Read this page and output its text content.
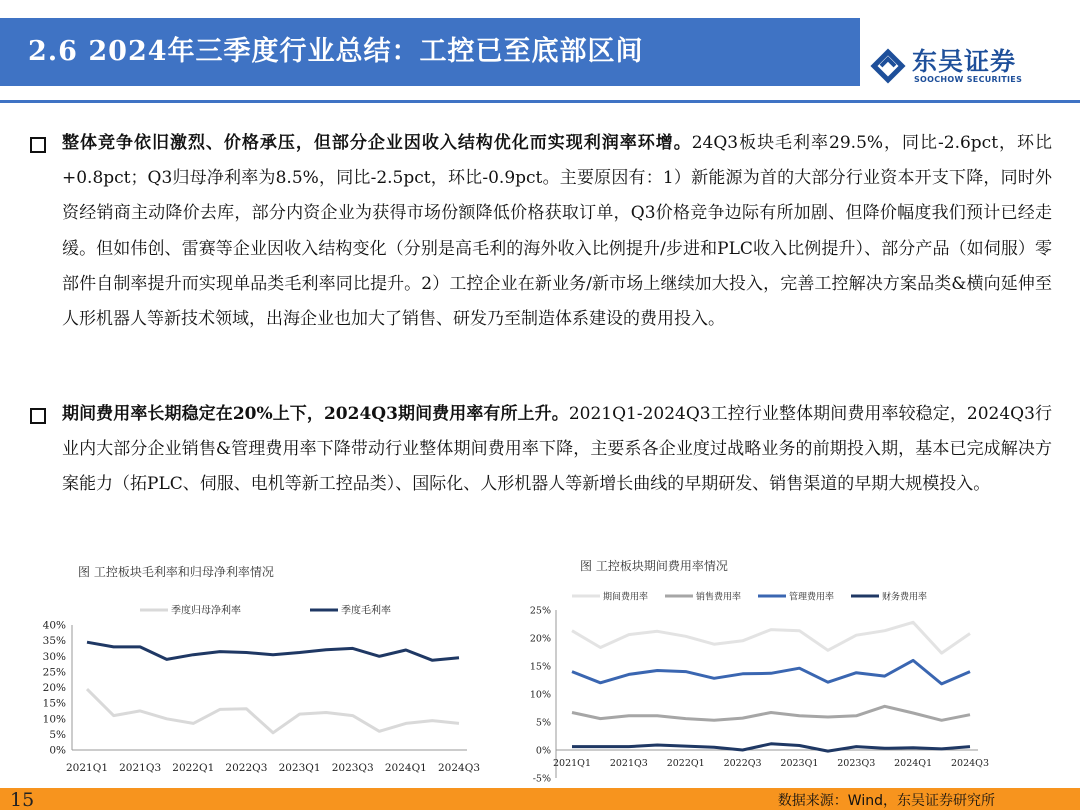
2.6 2024年三季度行业总结：工控已至底部区间	东吴证券
SOOCHOW SECURITIES
整体竞争依旧激烈、价格承压，但部分企业因收入结构优化而实现利润率环增。24Q3板块毛利率29.5%，同比-2.6pct，环比+0.8pct；Q3归母净利率为8.5%，同比-2.5pct，环比-0.9pct。主要原因有：1）新能源为首的大部分行业资本开支下降，同时外资经销商主动降价去库，部分内资企业为获得市场份额降低价格获取订单，Q3价格竞争边际有所加剧、但降价幅度我们预计已经走缓。但如伟创、雷赛等企业因收入结构变化（分别是高毛利的海外收入比例提升/步进和PLC收入比例提升）、部分产品（如伺服）零部件自制率提升而实现单品类毛利率同比提升。2）工控企业在新业务/新市场上继续加大投入，完善工控解决方案品类&横向延伸至人形机器人等新技术领域，出海企业也加大了销售、研发乃至制造体系建设的费用投入。
期间费用率长期稳定在20%上下，2024Q3期间费用率有所上升。2021Q1-2024Q3工控行业整体期间费用率较稳定，2024Q3行业内大部分企业销售&管理费用率下降带动行业整体期间费用率下降，主要系各企业度过战略业务的前期投入期，基本已完成解决方案能力（拓PLC、伺服、电机等新工控品类）、国际化、人形机器人等新增长曲线的早期研发、销售渠道的早期大规模投入。
图 工控板块毛利率和归母净利率情况	图 工控板块期间费用率情况
0%
5%
10%
15%
20%
25%
30%
35%
40%
2021Q1 2021Q3 2022Q1 2022Q3 2023Q1 2023Q3 2024Q1 2024Q3
季度归母净利率	季度毛利率
-5%
0%
5%
10%
15%
20%
25%
2021Q1 2021Q3 2022Q1 2022Q3 2023Q1 2023Q3 2024Q1 2024Q3
期间费用率	销售费用率	管理费用率	财务费用率
15	数据来源：Wind，东吴证券研究所
